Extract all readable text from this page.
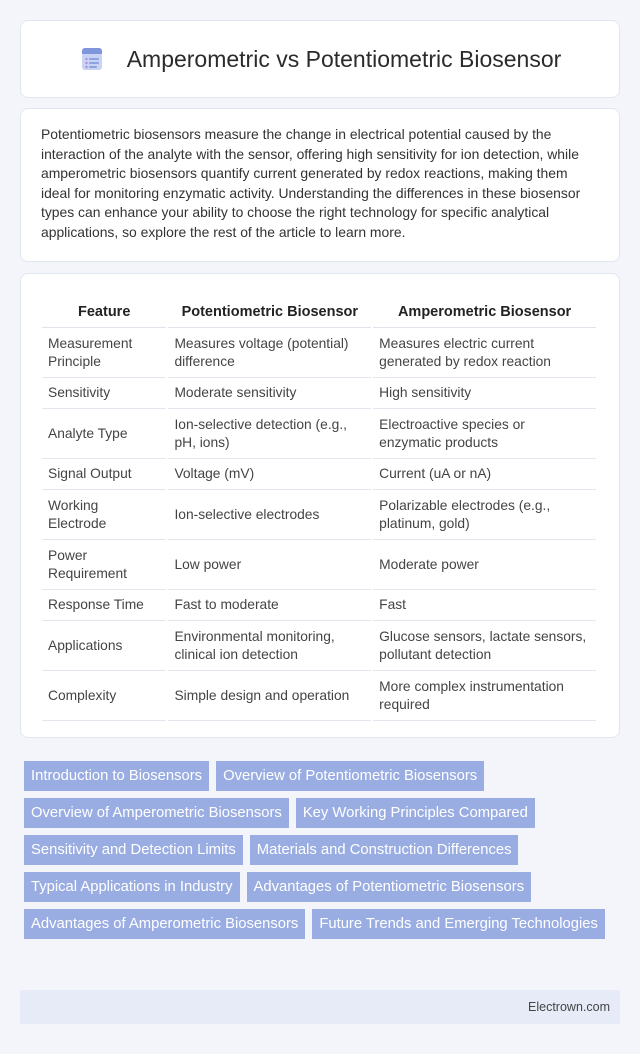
Amperometric vs Potentiometric Biosensor

Potentiometric biosensors measure the change in electrical potential caused by the interaction of the analyte with the sensor, offering high sensitivity for ion detection, while amperometric biosensors quantify current generated by redox reactions, making them ideal for monitoring enzymatic activity. Understanding the differences in these biosensor types can enhance your ability to choose the right technology for specific analytical applications, so explore the rest of the article to learn more.

Feature	Potentiometric Biosensor	Amperometric Biosensor
Measurement Principle	Measures voltage (potential) difference	Measures electric current generated by redox reaction
Sensitivity	Moderate sensitivity	High sensitivity
Analyte Type	Ion-selective detection (e.g., pH, ions)	Electroactive species or enzymatic products
Signal Output	Voltage (mV)	Current (uA or nA)
Working Electrode	Ion-selective electrodes	Polarizable electrodes (e.g., platinum, gold)
Power Requirement	Low power	Moderate power
Response Time	Fast to moderate	Fast
Applications	Environmental monitoring, clinical ion detection	Glucose sensors, lactate sensors, pollutant detection
Complexity	Simple design and operation	More complex instrumentation required
Introduction to Biosensors	Overview of Potentiometric Biosensors
Overview of Amperometric Biosensors	Key Working Principles Compared
Sensitivity and Detection Limits	Materials and Construction Differences
Typical Applications in Industry	Advantages of Potentiometric Biosensors
Advantages of Amperometric Biosensors	Future Trends and Emerging Technologies
Electrown.com
